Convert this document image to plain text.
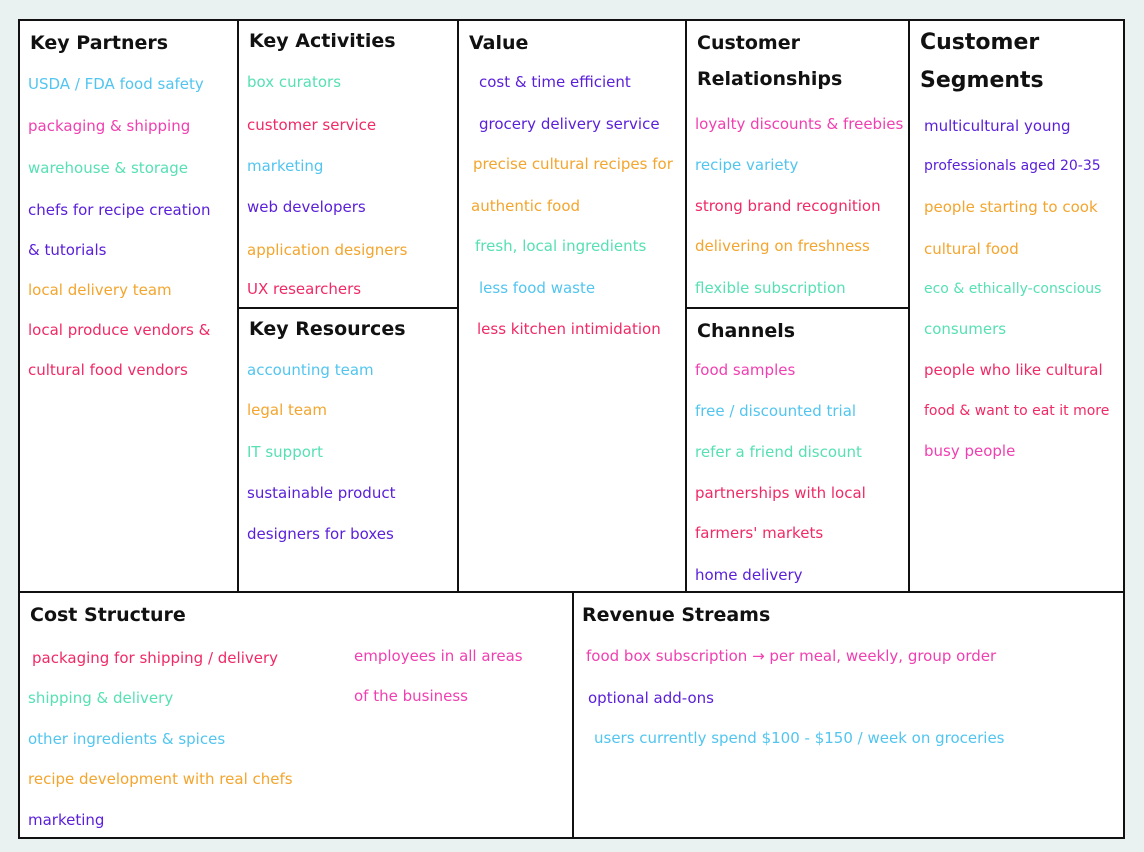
Key Partners
USDA / FDA food safety
packaging & shipping
warehouse & storage
chefs for recipe creation
& tutorials
local delivery team
local produce vendors &
cultural food vendors
Key Activities
box curators
customer service
marketing
web developers
application designers
UX researchers
Key Resources
accounting team
legal team
IT support
sustainable product
designers for boxes
Value
cost & time efficient
grocery delivery service
precise cultural recipes for
authentic food
fresh, local ingredients
less food waste
less kitchen intimidation
Customer
Relationships
loyalty discounts & freebies
recipe variety
strong brand recognition
delivering on freshness
flexible subscription
Channels
food samples
free / discounted trial
refer a friend discount
partnerships with local
farmers' markets
home delivery
Customer
Segments
multicultural young
professionals aged 20-35
people starting to cook
cultural food
eco & ethically-conscious
consumers
people who like cultural
food & want to eat it more
busy people
Cost Structure
packaging for shipping / delivery
shipping & delivery
other ingredients & spices
recipe development with real chefs
marketing
employees in all areas
of the business
Revenue Streams
food box subscription → per meal, weekly, group order
optional add-ons
users currently spend $100 - $150 / week on groceries
